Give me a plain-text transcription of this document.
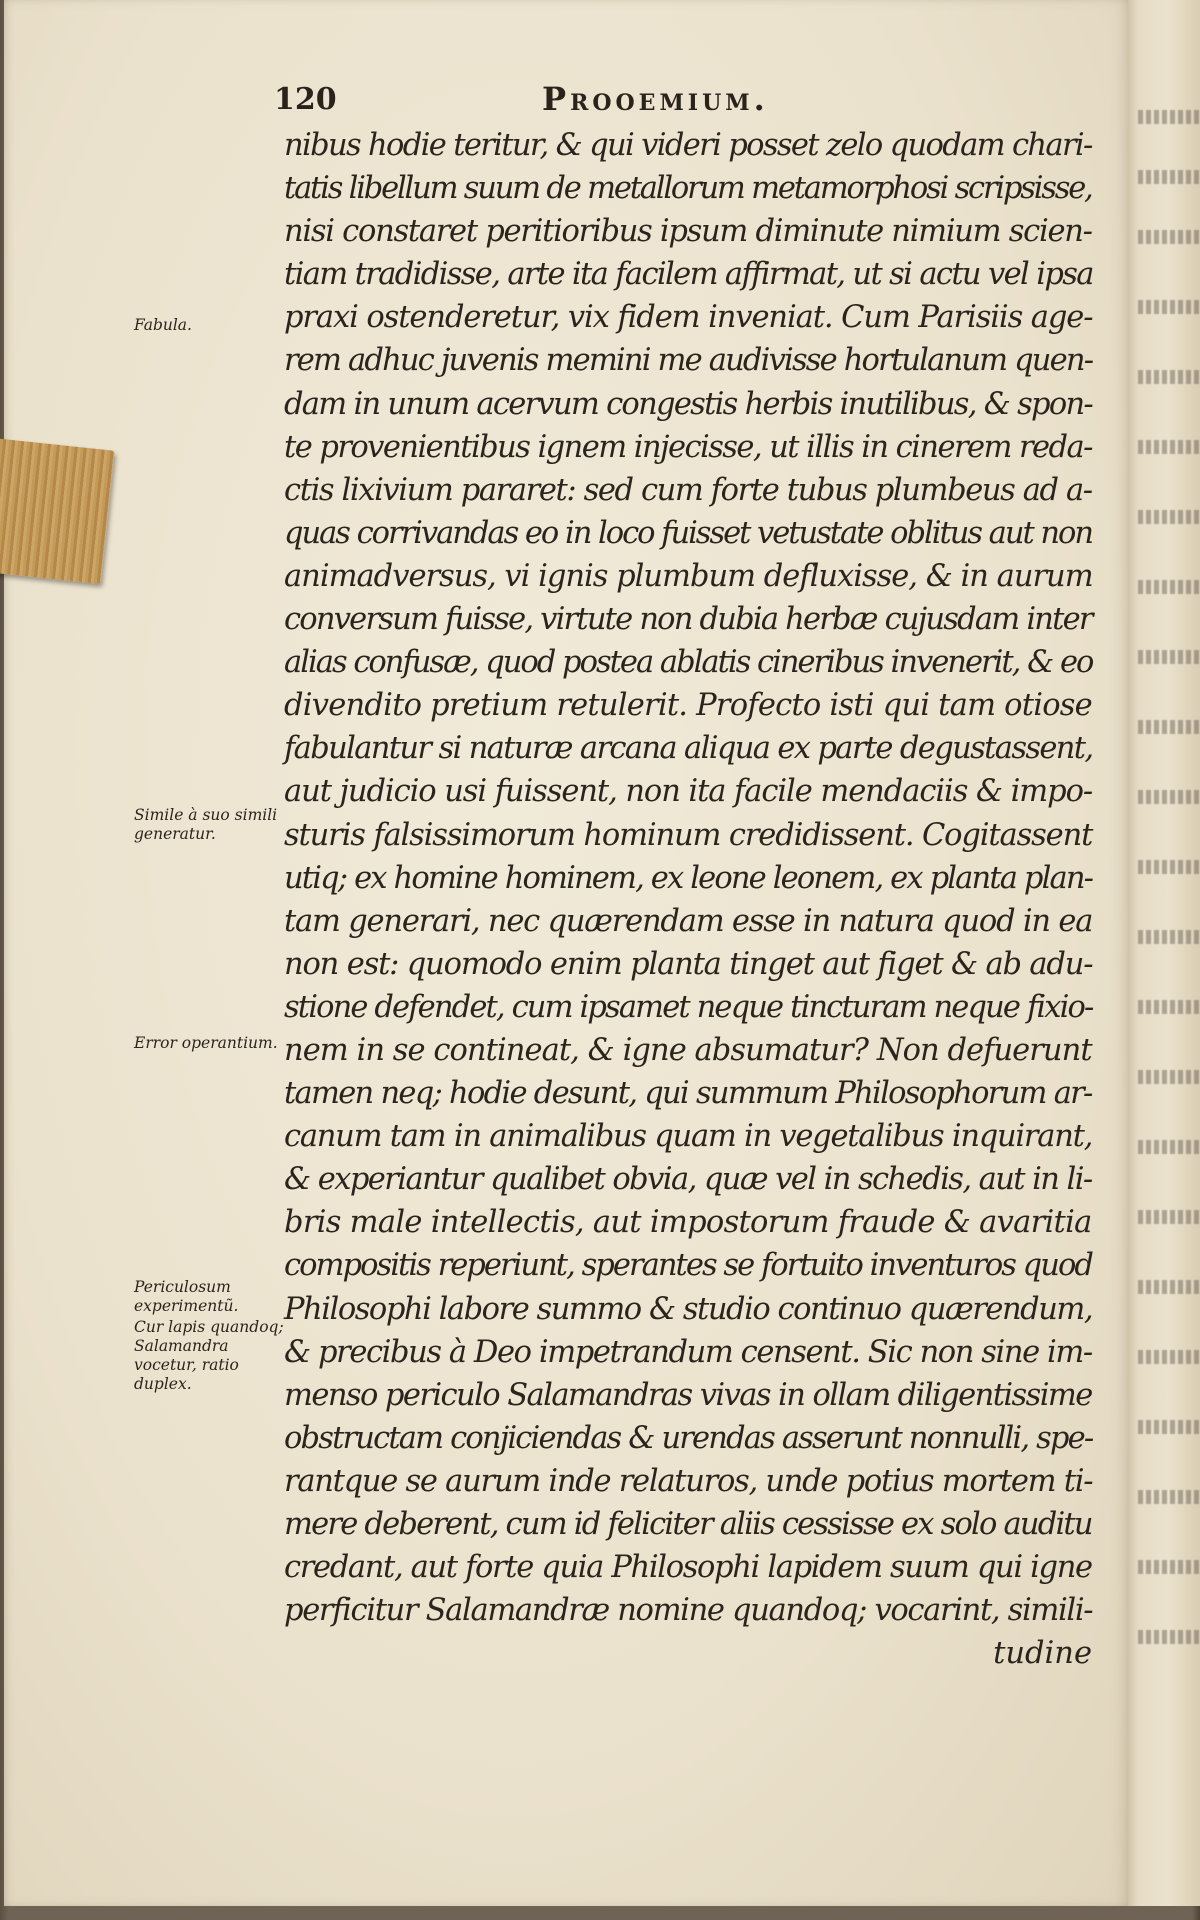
120	Prooemium.
Fabula.
Simile à suo simili generatur.
Error operantium.
Periculosum experimentũ.
Cur lapis quandoq; Salamandra vocetur, ratio duplex.
nibus hodie teritur, & qui videri posset zelo quodam chari-
tatis libellum suum de metallorum metamorphosi scripsisse,
nisi constaret peritioribus ipsum diminute nimium scien-
tiam tradidisse, arte ita facilem affirmat, ut si actu vel ipsa
praxi ostenderetur, vix fidem inveniat. Cum Parisiis age-
rem adhuc juvenis memini me audivisse hortulanum quen-
dam in unum acervum congestis herbis inutilibus, & spon-
te provenientibus ignem injecisse, ut illis in cinerem reda-
ctis lixivium pararet: sed cum forte tubus plumbeus ad a-
quas corrivandas eo in loco fuisset vetustate oblitus aut non
animadversus, vi ignis plumbum defluxisse, & in aurum
conversum fuisse, virtute non dubia herbæ cujusdam inter
alias confusæ, quod postea ablatis cineribus invenerit, & eo
divendito pretium retulerit. Profecto isti qui tam otiose
fabulantur si naturæ arcana aliqua ex parte degustassent,
aut judicio usi fuissent, non ita facile mendaciis & impo-
sturis falsissimorum hominum credidissent. Cogitassent
utiq; ex homine hominem, ex leone leonem, ex planta plan-
tam generari, nec quærendam esse in natura quod in ea
non est: quomodo enim planta tinget aut figet & ab adu-
stione defendet, cum ipsamet neque tincturam neque fixio-
nem in se contineat, & igne absumatur? Non defuerunt
tamen neq; hodie desunt, qui summum Philosophorum ar-
canum tam in animalibus quam in vegetalibus inquirant,
& experiantur qualibet obvia, quæ vel in schedis, aut in li-
bris male intellectis, aut impostorum fraude & avaritia
compositis reperiunt, sperantes se fortuito inventuros quod
Philosophi labore summo & studio continuo quærendum,
& precibus à Deo impetrandum censent. Sic non sine im-
menso periculo Salamandras vivas in ollam diligentissime
obstructam conjiciendas & urendas asserunt nonnulli, spe-
rantque se aurum inde relaturos, unde potius mortem ti-
mere deberent, cum id feliciter aliis cessisse ex solo auditu
credant, aut forte quia Philosophi lapidem suum qui igne
perficitur Salamandræ nomine quandoq; vocarint, simili-
tudine
